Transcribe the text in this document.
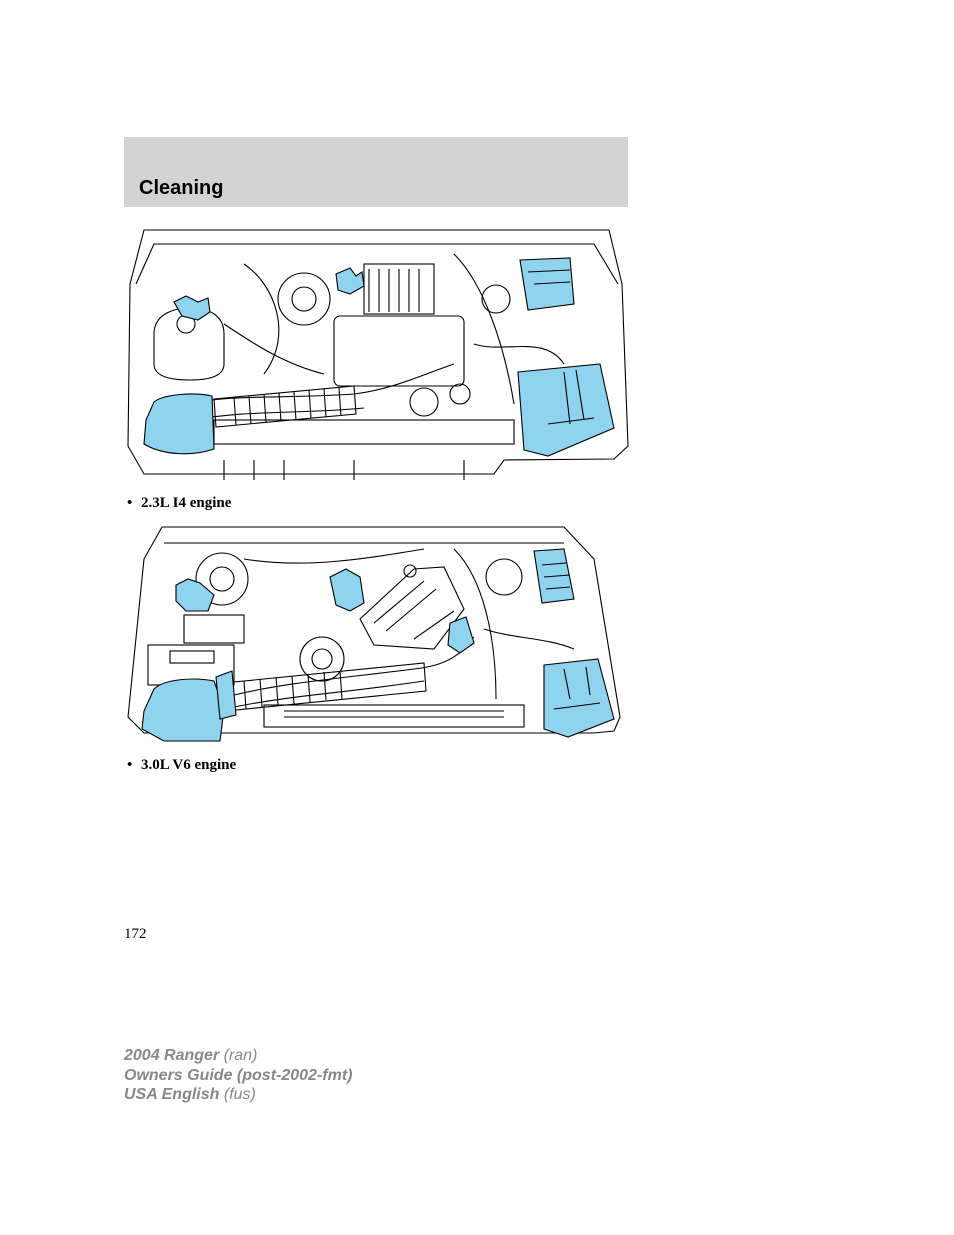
Cleaning
• 2.3L I4 engine
• 3.0L V6 engine
172
2004 Ranger (ran)
Owners Guide (post-2002-fmt)
USA English (fus)
